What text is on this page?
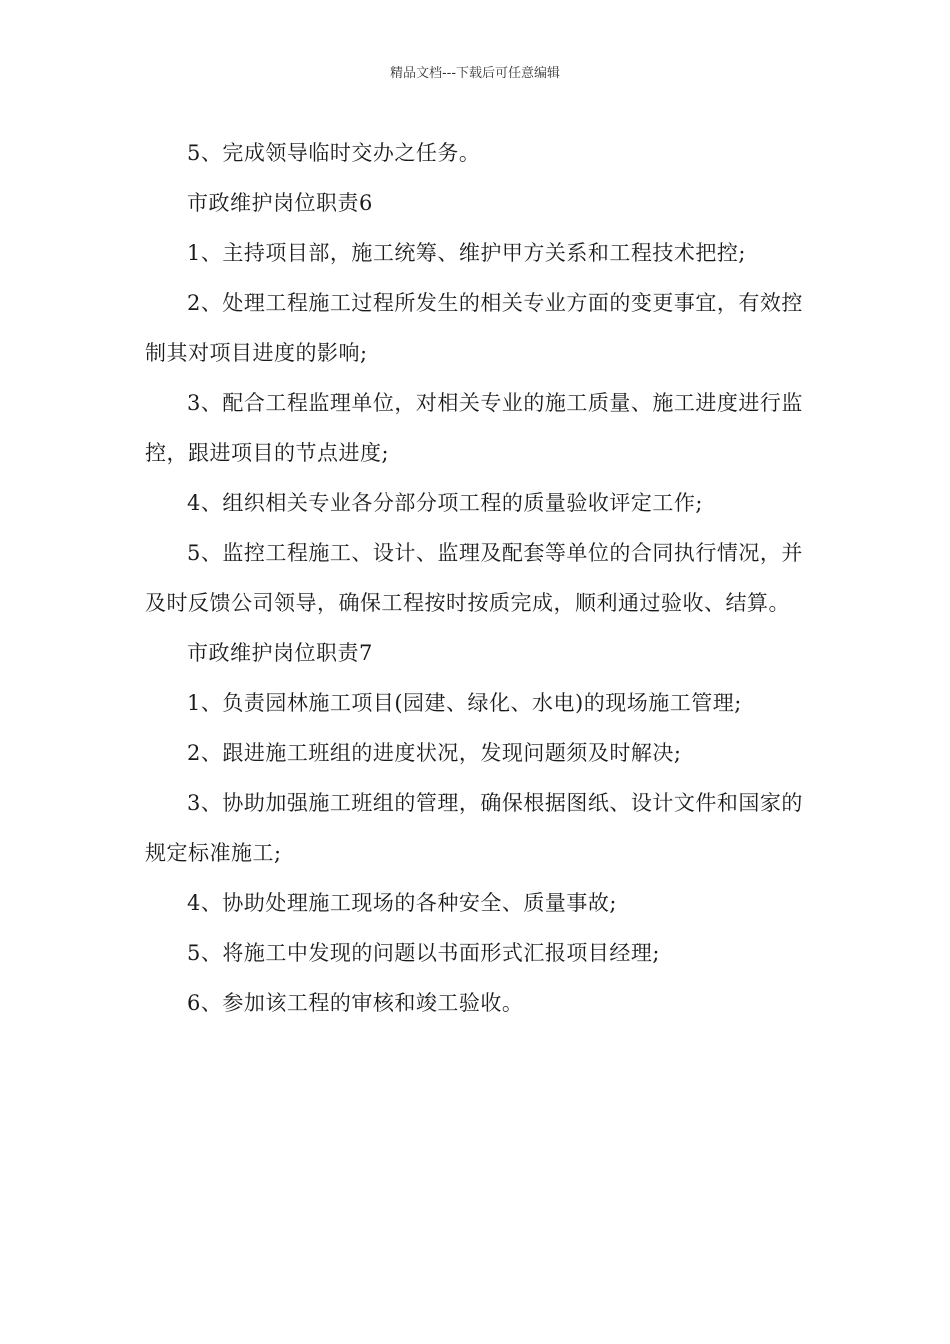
精品文档---下载后可任意编辑

5、完成领导临时交办之任务。

市政维护岗位职责6

1、主持项目部，施工统筹、维护甲方关系和工程技术把控;

2、处理工程施工过程所发生的相关专业方面的变更事宜，有效控制其对项目进度的影响;

3、配合工程监理单位，对相关专业的施工质量、施工进度进行监控，跟进项目的节点进度;

4、组织相关专业各分部分项工程的质量验收评定工作;

5、监控工程施工、设计、监理及配套等单位的合同执行情况，并及时反馈公司领导，确保工程按时按质完成，顺利通过验收、结算。

市政维护岗位职责7

1、负责园林施工项目(园建、绿化、水电)的现场施工管理;

2、跟进施工班组的进度状况，发现问题须及时解决;

3、协助加强施工班组的管理，确保根据图纸、设计文件和国家的规定标准施工;

4、协助处理施工现场的各种安全、质量事故;

5、将施工中发现的问题以书面形式汇报项目经理;

6、参加该工程的审核和竣工验收。
